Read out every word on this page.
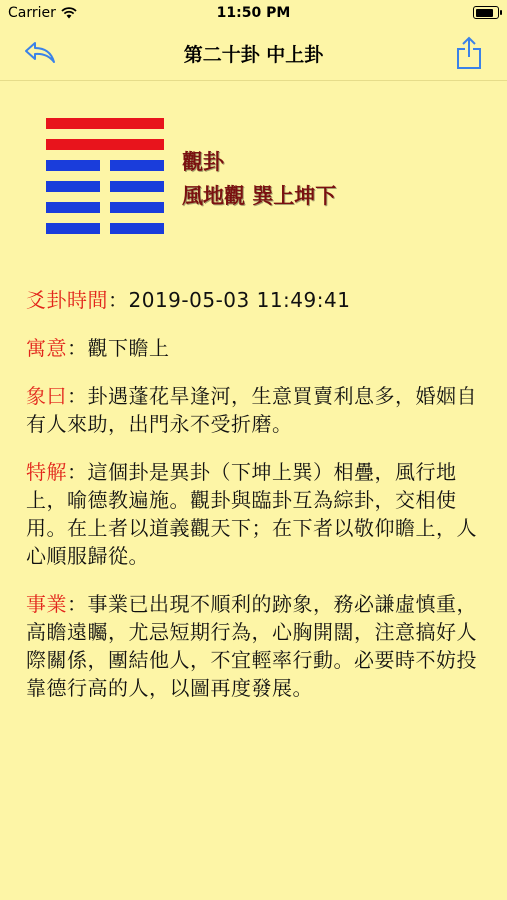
Carrier	11:50 PM
第二十卦 中上卦
觀卦
風地觀 巽上坤下

爻卦時間：2019-05-03 11:49:41

寓意：觀下瞻上

象曰：卦遇蓬花旱逢河，生意買賣利息多，婚姻自有人來助，出門永不受折磨。

特解：這個卦是異卦（下坤上巽）相疊，風行地上，喻德教遍施。觀卦與臨卦互為綜卦，交相使用。在上者以道義觀天下；在下者以敬仰瞻上，人心順服歸從。

事業：事業已出現不順利的跡象，務必謙虛慎重，高瞻遠矚，尤忌短期行為，心胸開闊，注意搞好人際關係，團結他人，不宜輕率行動。必要時不妨投靠德行高的人，以圖再度發展。
